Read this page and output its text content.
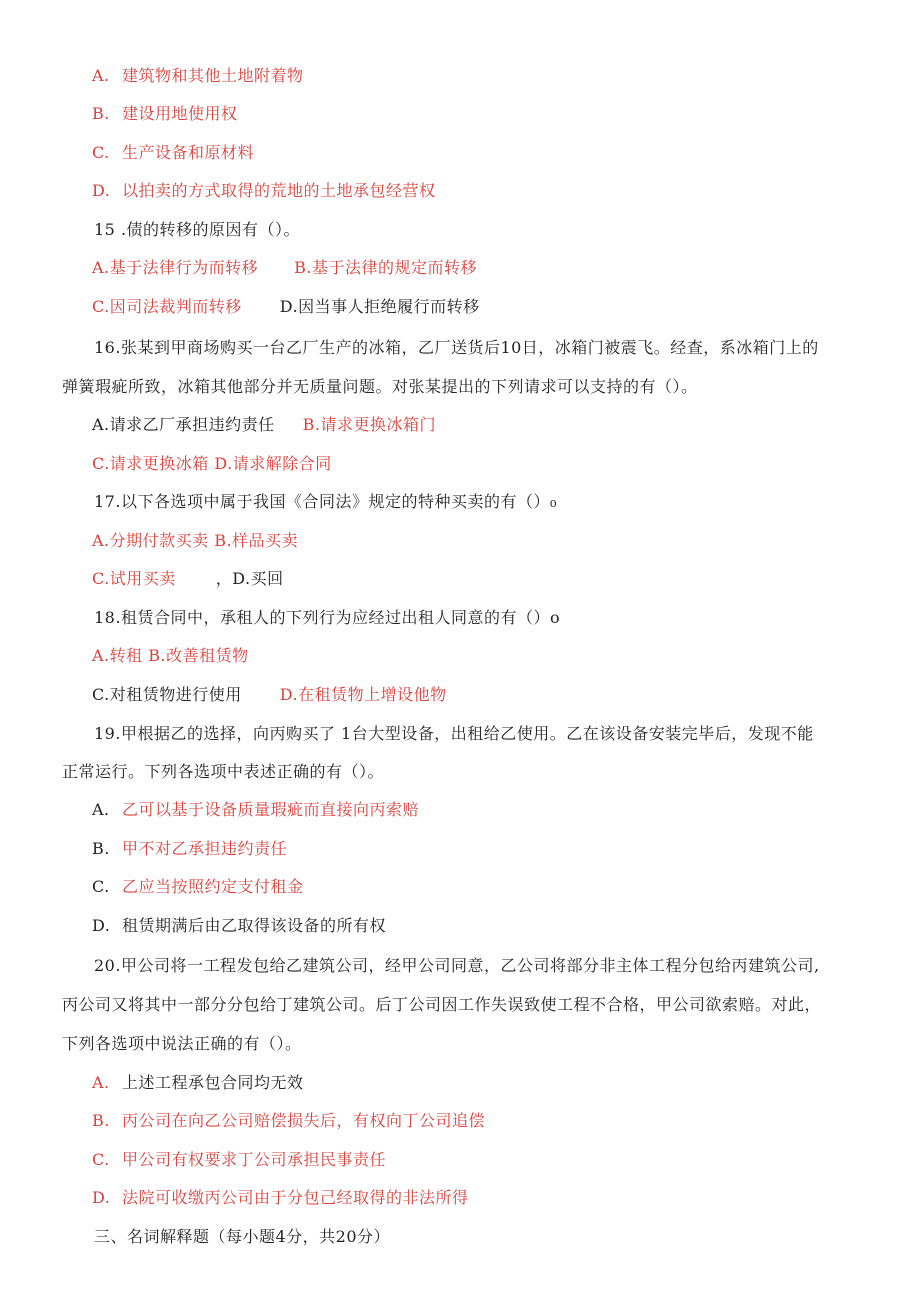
A. 建筑物和其他土地附着物
B. 建设用地使用权
C. 生产设备和原材料
D. 以拍卖的方式取得的荒地的土地承包经营权
15 .债的转移的原因有（）。
A.基于法律行为而转移 B.基于法律的规定而转移
C.因司法裁判而转移 D.因当事人拒绝履行而转移
16.张某到甲商场购买一台乙厂生产的冰箱，乙厂送货后10日，冰箱门被震飞。经查，系冰箱门上的
弹簧瑕疵所致，冰箱其他部分并无质量问题。对张某提出的下列请求可以支持的有（）。
A.请求乙厂承担违约责任 B.请求更换冰箱门
C.请求更换冰箱 D.请求解除合同
17.以下各选项中属于我国《合同法》规定的特种买卖的有（）₀
A.分期付款买卖 B.样品买卖
C.试用买卖	，D.买回
18.租赁合同中，承租人的下列行为应经过出租人同意的有（）o
A.转租 B.改善租赁物
C.对租赁物进行使用 D.在租赁物上增设他物
19.甲根据乙的选择，向丙购买了 1台大型设备，出租给乙使用。乙在该设备安装完毕后，发现不能
正常运行。下列各选项中表述正确的有（）。
A. 乙可以基于设备质量瑕疵而直接向丙索赔
B. 甲不对乙承担违约责任
C. 乙应当按照约定支付租金
D. 租赁期满后由乙取得该设备的所有权
20.甲公司将一工程发包给乙建筑公司，经甲公司同意，乙公司将部分非主体工程分包给丙建筑公司,
丙公司又将其中一部分分包给丁建筑公司。后丁公司因工作失误致使工程不合格，甲公司欲索赔。对此，
下列各选项中说法正确的有（）。
A. 上述工程承包合同均无效
B. 丙公司在向乙公司赔偿损失后，有权向丁公司追偿
C. 甲公司有权要求丁公司承担民事责任
D. 法院可收缴丙公司由于分包己经取得的非法所得
三、名词解释题（每小题4分，共20分）
